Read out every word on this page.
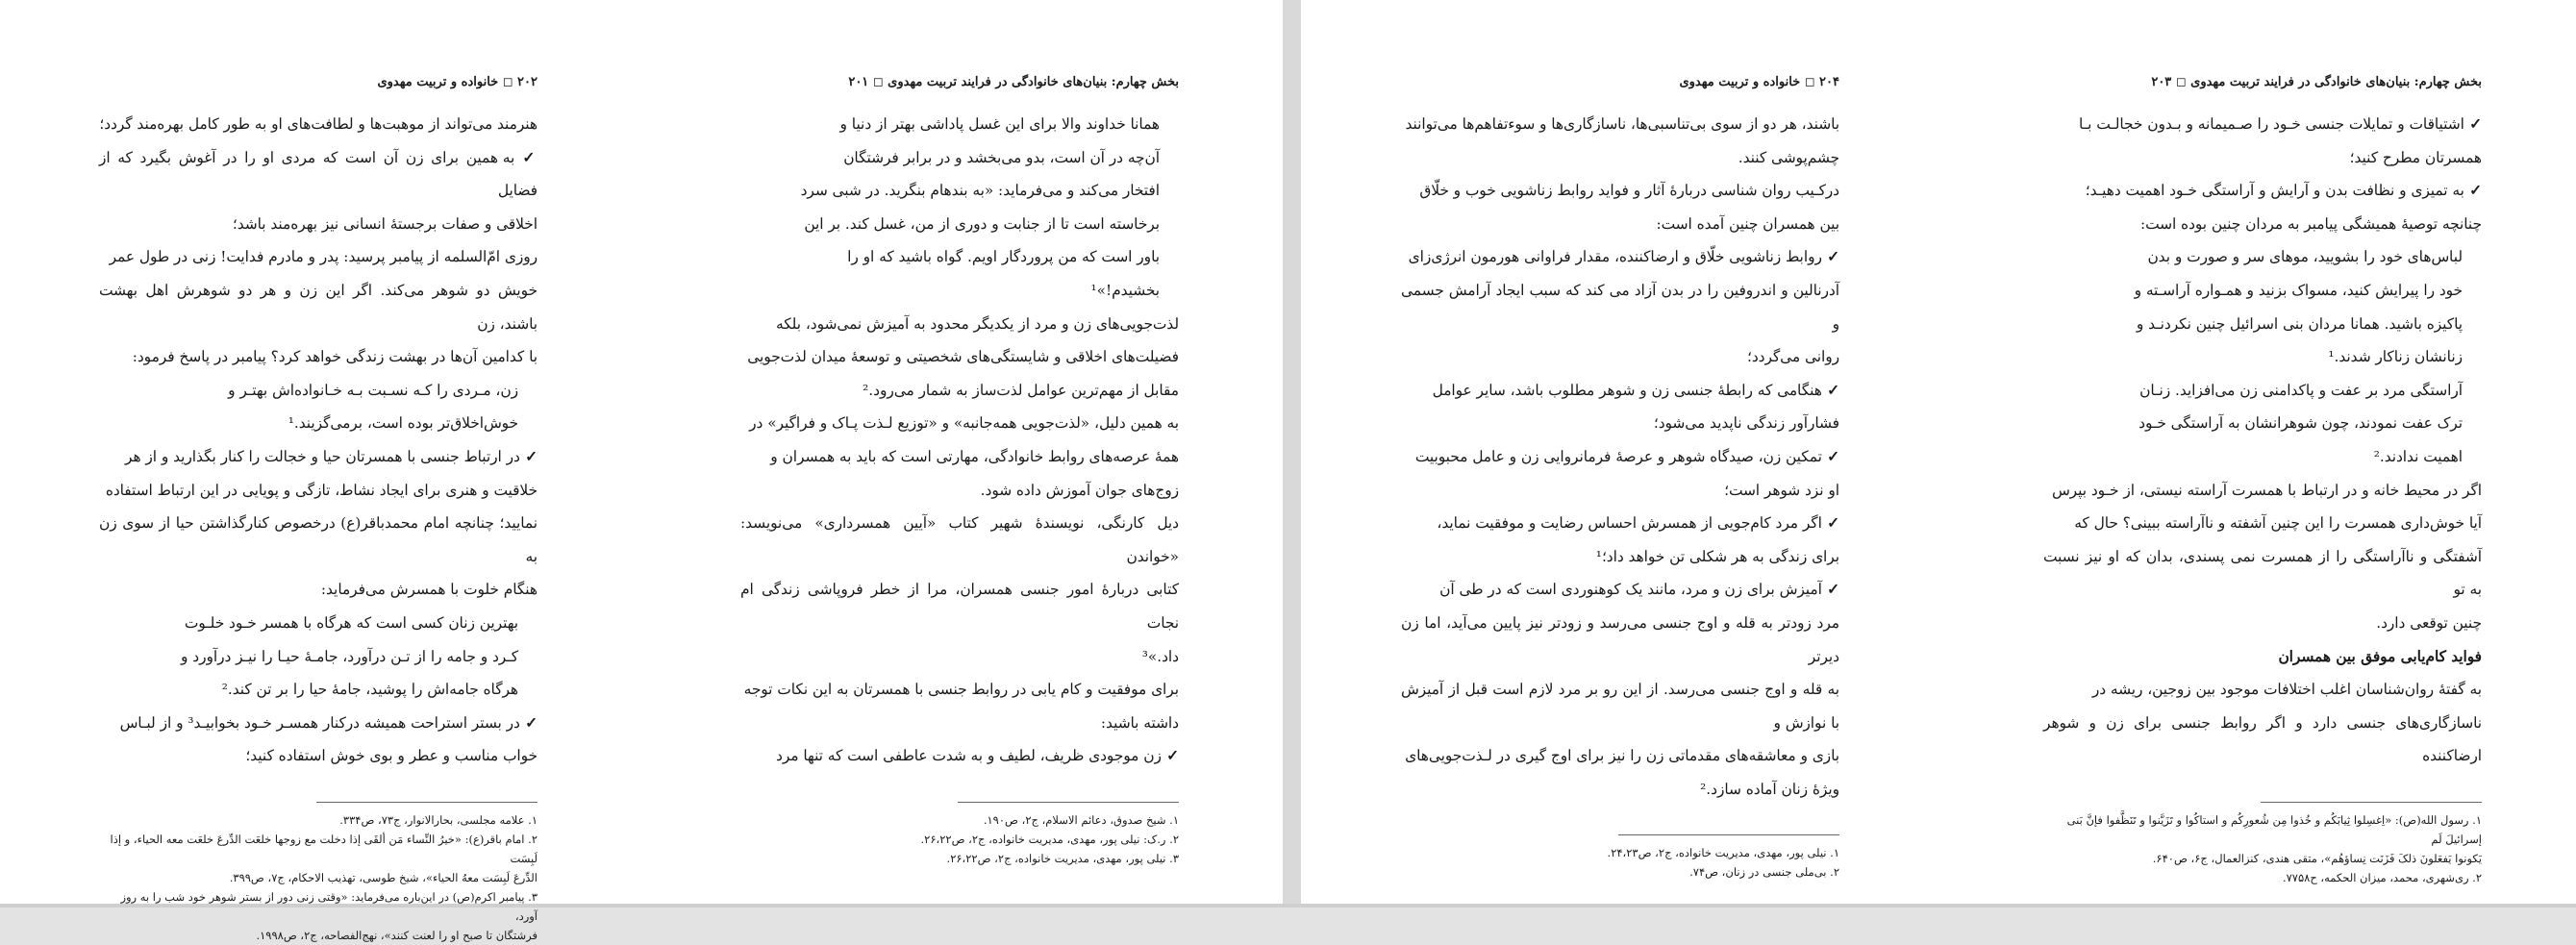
۲۰۲ ◻ خانواده و تربیت مهدوی
هنرمند می‌تواند از موهبت‌ها و لطافت‌های او به طور کامل بهره‌مند گردد؛
✓ به همین برای زن آن است که مردی او را در آغوش بگیرد که از فضایل
اخلاقی و صفات برجستهٔ انسانی نیز بهره‌مند باشد؛
روزی امّ‌السلمه از پیامبر پرسید: پدر و مادرم فدایت! زنی در طول عمر
خویش دو شوهر می‌کند. اگر این زن و هر دو شوهرش اهل بهشت باشند، زن
با کدامین آن‌ها در بهشت زندگی خواهد کرد؟ پیامبر در پاسخ فرمود:
زن، مـردی را کـه نسـبت بـه خـانواده‌اش بهتـر و
خوش‌اخلاق‌تر بوده است، برمی‌گزیند.¹
✓ در ارتباط جنسی با همسرتان حیا و خجالت را کنار بگذارید و از هر
خلاقیت و هنری برای ایجاد نشاط، تازگی و پویایی در این ارتباط استفاده
نمایید؛ چنانچه امام محمدباقر(ع) درخصوص کنارگذاشتن حیا از سوی زن به
هنگام خلوت با همسرش می‌فرماید:
بهترین زنان کسی است که هرگاه با همسر خـود خلـوت
کـرد و جامه را از تـن درآورد، جامـهٔ حیـا را نیـز درآورد و
هرگاه جامه‌اش را پوشید، جامهٔ حیا را بر تن کند.²
✓ در بستر استراحت همیشه درکنار همسـر خـود بخوابیـد³ و از لبـاس
خواب مناسب و عطر و بوی خوش استفاده کنید؛
۱. علامه مجلسی، بحارالانوار، ج۷۳، ص۳۳۴.
۲. امام باقر(ع): «خیرُ النِّساء مَن ألقَی إذا دخلت مع زوجها خلعَت الدِّرعَ خلعَت معه الحیاء، و إذا لَبِسَت
الدِّرعَ لَبِسَت معهُ الحیاء»، شیخ طوسی، تهذیب الاحکام، ج۷، ص۳۹۹.
۳. پیامبر اکرم(ص) در این‌باره می‌فرماید: «وقتی زنی دور از بستر شوهر خود شب را به روز آورد،
فرشتگان تا صبح او را لعنت کنند»، نهج‌الفصاحه، ج۲، ص۱۹۹۸.
بخش چهارم: بنیان‌های خانوادگی در فرایند تربیت مهدوی ◻ ۲۰۱
همانا خداوند والا برای این غسل پاداشی بهتر از دنیا و
آن‌چه در آن است، بدو می‌بخشد و در برابر فرشتگان
افتخار می‌کند و می‌فرماید: «به بندهام بنگرید. در شبی سرد
برخاسته است تا از جنابت و دوری از من، غسل کند. بر این
باور است که من پروردگار اویم. گواه باشید که او را
بخشیدم!»¹
لذت‌جویی‌های زن و مرد از یکدیگر محدود به آمیزش نمی‌شود، بلکه
فضیلت‌های اخلاقی و شایستگی‌های شخصیتی و توسعهٔ میدان لذت‌جویی
مقابل از مهم‌ترین عوامل لذت‌ساز به شمار می‌رود.²
به همین دلیل، «لذت‌جویی همه‌جانبه» و «توزیع لـذت پـاک و فراگیر» در
همهٔ عرصه‌های روابط خانوادگی، مهارتی است که باید به همسران و
زوج‌های جوان آموزش داده شود.
دیل کارنگی، نویسندهٔ شهیر کتاب «آیین همسرداری» می‌نویسد: «خواندن
کتابی دربارهٔ امور جنسی همسران، مرا از خطر فروپاشی زندگی ام نجات
داد.»³
برای موفقیت و کام یابی در روابط جنسی با همسرتان به این نکات توجه
داشته باشید:
✓ زن موجودی ظریف، لطیف و به شدت عاطفی است که تنها مرد
۱. شیخ صدوق، دعائم الاسلام، ج۲، ص۱۹۰.
۲. ر.ک: نیلی پور، مهدی، مدیریت خانواده، ج۲، ص۲۶،۲۲.
۳. نیلی پور، مهدی، مدیریت خانواده، ج۲، ص۲۶،۲۲.
۲۰۴ ◻ خانواده و تربیت مهدوی
باشند، هر دو از سوی بی‌تناسبی‌ها، ناسازگاری‌ها و سوءتفاهم‌ها می‌توانند
چشم‌پوشی کنند.
درکـیب روان شناسی دربارهٔ آثار و فواید روابط زناشویی خوب و خلّاق
بین همسران چنین آمده است:
✓ روابط زناشویی خلّاق و ارضاکننده، مقدار فراوانی هورمون انرژی‌زای
آدرنالین و اندروفین را در بدن آزاد می کند که سبب ایجاد آرامش جسمی و
روانی می‌گردد؛
✓ هنگامی که رابطهٔ جنسی زن و شوهر مطلوب باشد، سایر عوامل
فشارآور زندگی ناپدید می‌شود؛
✓ تمکین زن، صیدگاه شوهر و عرصهٔ فرمانروایی زن و عامل محبوبیت
او نزد شوهر است؛
✓ اگر مرد کام‌جویی از همسرش احساس رضایت و موفقیت نماید،
برای زندگی به هر شکلی تن خواهد داد؛¹
✓ آمیزش برای زن و مرد، مانند یک کوهنوردی است که در طی آن
مرد زودتر به قله و اوج جنسی می‌رسد و زودتر نیز پایین می‌آید، اما زن دیرتر
به قله و اوج جنسی می‌رسد. از این رو بر مرد لازم است قبل از آمیزش با نوازش و
بازی و معاشقه‌های مقدماتی زن را نیز برای اوج گیری در لـذت‌جویی‌های
ویژهٔ زنان آماده سازد.²
۱. نیلی پور، مهدی، مدیریت خانواده، ج۲، ص۲۴،۲۳.
۲. بی‌ملی جنسی در زنان، ص۷۴.
بخش چهارم: بنیان‌های خانوادگی در فرایند تربیت مهدوی ◻ ۲۰۳
✓ اشتیاقات و تمایلات جنسی خـود را صـمیمانه و بـدون خجالـت بـا
همسرتان مطرح کنید؛
✓ به تمیزی و نظافت بدن و آرایش و آراستگی خـود اهمیت دهیـد؛
چنانچه توصیهٔ همیشگی پیامبر به مردان چنین بوده است:
لباس‌های خود را بشویید، موهای سر و صورت و بدن
خود را پیرایش کنید، مسواک بزنید و همـواره آراسـته و
پاکیزه باشید. همانا مردان بنی اسرائیل چنین نکردنـد و
زنانشان زناکار شدند.¹
آراستگی مرد بر عفت و پاکدامنی زن می‌افزاید. زنـان
ترک عفت نمودند، چون شوهرانشان به آراستگی خـود
اهمیت ندادند.²
اگر در محیط خانه و در ارتباط با همسرت آراسته نیستی، از خـود بپرس
آیا خوش‌داری همسرت را این چنین آشفته و ناآراسته ببینی؟ حال که
آشفتگی و ناآراستگی را از همسرت نمی پسندی، بدان که او نیز نسبت به تو
چنین توقعی دارد.
فواید کام‌یابی موفق بین همسران
به گفتهٔ روان‌شناسان اغلب اختلافات موجود بین زوجین، ریشه در
ناسازگاری‌های جنسی دارد و اگر روابط جنسی برای زن و شوهر ارضاکننده
۱. رسول الله(ص): «اِغسِلوا ثِیابَکُم و خُذوا مِن شُعورِکُم و استاکُوا و تَزَیَّنوا و تَنَظَّفوا فإنَّ بَنی إسرائیلَ لَم
یَکونوا یَفعَلونَ ذلکَ فَزَنَت نِساؤهُم»، متقی هندی، کنزالعمال، ج۶، ص۶۴۰.
۲. ری‌شهری، محمد، میزان الحکمه، ح۷۷۵۸.
